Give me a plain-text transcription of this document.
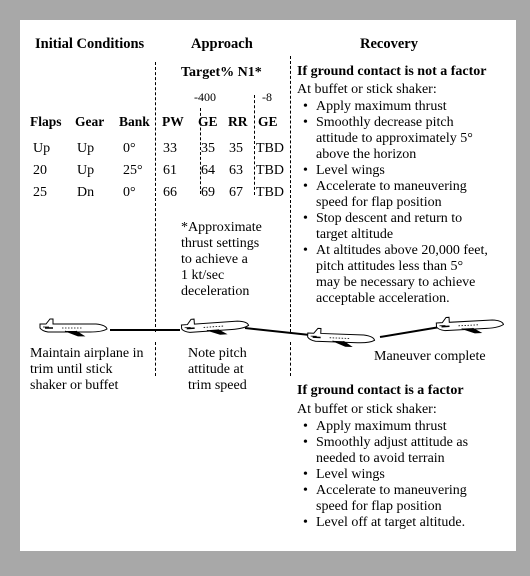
Initial Conditions	Approach	Recovery
Target% N1*
-400	-8
Flaps Gear Bank PW GE RR GE
Up Up 0° 33 35 35 TBD
20 Up 25° 61 64 63 TBD
25 Dn 0° 66 69 67 TBD
*Approximate
thrust settings
to achieve a
1 kt/sec
deceleration
If ground contact is not a factor
At buffet or stick shaker:
• Apply maximum thrust
• Smoothly decrease pitch
attitude to approximately 5°
above the horizon
• Level wings
• Accelerate to maneuvering
speed for flap position
• Stop descent and return to
target altitude
• At altitudes above 20,000 feet,
pitch attitudes less than 5°
may be necessary to achieve
acceptable acceleration.
Maintain airplane in
trim until stick
shaker or buffet
Note pitch
attitude at
trim speed
Maneuver complete
If ground contact is a factor
At buffet or stick shaker:
• Apply maximum thrust
• Smoothly adjust attitude as
needed to avoid terrain
• Level wings
• Accelerate to maneuvering
speed for flap position
• Level off at target altitude.
